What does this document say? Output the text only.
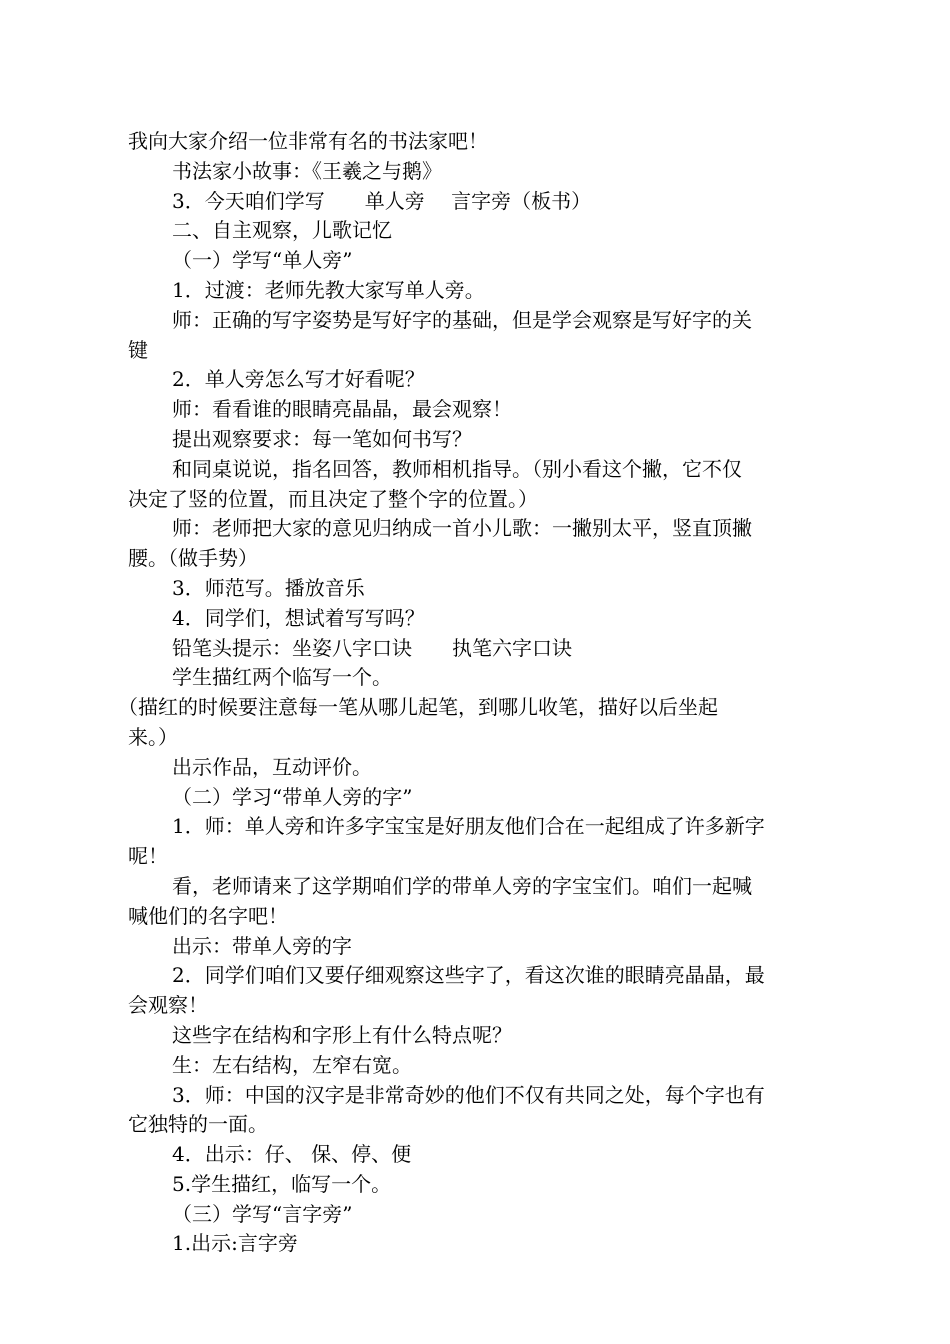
我向大家介绍一位非常有名的书法家吧！
书法家小故事：《王羲之与鹅》
3．今天咱们学写　　单人旁　 言字旁（板书）
二、自主观察，儿歌记忆
（一）学写“单人旁”
1．过渡：老师先教大家写单人旁。
师：正确的写字姿势是写好字的基础，但是学会观察是写好字的关
键
2．单人旁怎么写才好看呢？
师：看看谁的眼睛亮晶晶，最会观察！
提出观察要求：每一笔如何书写？
和同桌说说，指名回答，教师相机指导。（别小看这个撇，它不仅
决定了竖的位置，而且决定了整个字的位置。）
师：老师把大家的意见归纳成一首小儿歌：一撇别太平，竖直顶撇
腰。（做手势）
3．师范写。播放音乐
4．同学们，想试着写写吗？
铅笔头提示：坐姿八字口诀　　执笔六字口诀
学生描红两个临写一个。
（描红的时候要注意每一笔从哪儿起笔，到哪儿收笔，描好以后坐起
来。）
出示作品，互动评价。
（二）学习“带单人旁的字”
1．师：单人旁和许多字宝宝是好朋友他们合在一起组成了许多新字
呢！
看，老师请来了这学期咱们学的带单人旁的字宝宝们。咱们一起喊
喊他们的名字吧！
出示：带单人旁的字
2．同学们咱们又要仔细观察这些字了，看这次谁的眼睛亮晶晶，最
会观察！
这些字在结构和字形上有什么特点呢？
生：左右结构，左窄右宽。
3．师：中国的汉字是非常奇妙的他们不仅有共同之处，每个字也有
它独特的一面。
4．出示：仔、 保、停、便
5.学生描红，临写一个。
（三）学写“言字旁”
1.出示:言字旁
